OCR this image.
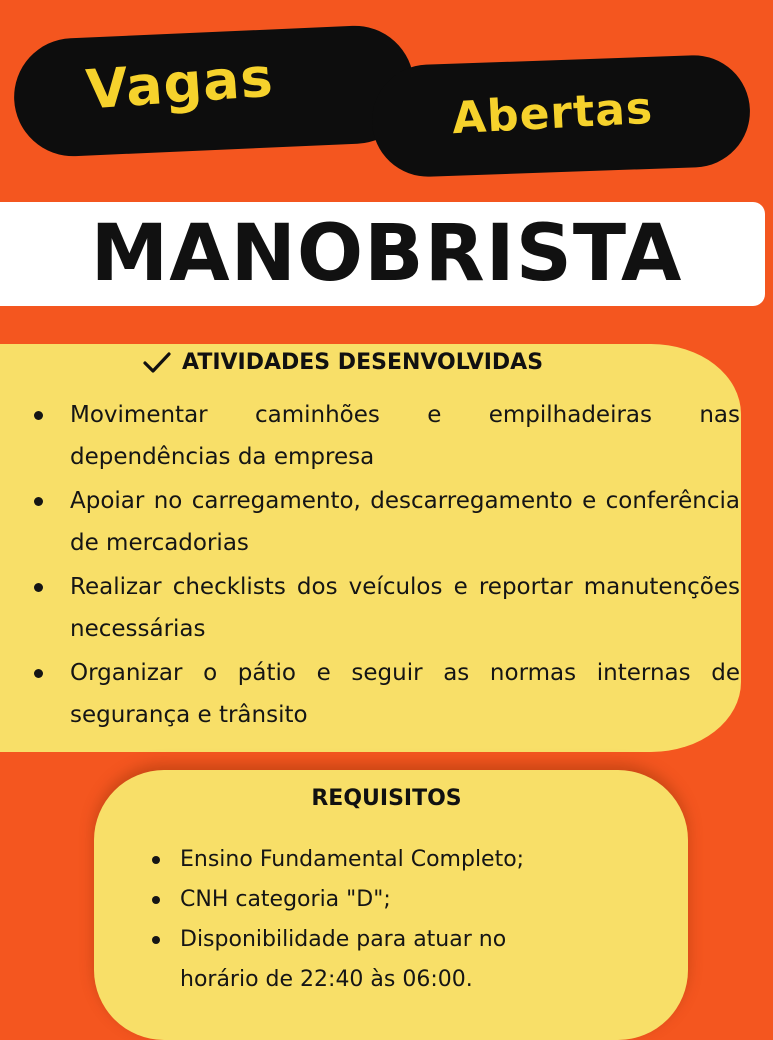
Vagas	Abertas
MANOBRISTA
ATIVIDADES DESENVOLVIDAS
Movimentar caminhões e empilhadeiras nas dependências da empresa
Apoiar no carregamento, descarregamento e conferência de mercadorias
Realizar checklists dos veículos e reportar manutenções necessárias
Organizar o pátio e seguir as normas internas de segurança e trânsito
REQUISITOS
Ensino Fundamental Completo;
CNH categoria "D";
Disponibilidade para atuar no
horário de 22:40 às 06:00.
